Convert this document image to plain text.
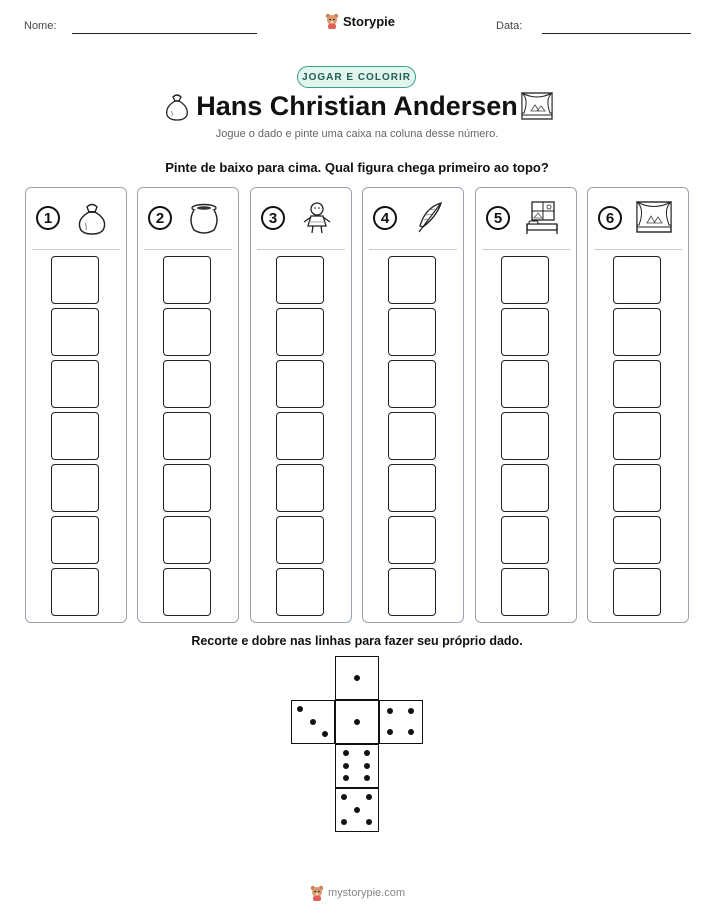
Nome:	Storypie	Data:
JOGAR E COLORIR
Hans Christian Andersen
Jogue o dado e pinte uma caixa na coluna desse número.
Pinte de baixo para cima. Qual figura chega primeiro ao topo?
1	2	3	4	5	6
Recorte e dobre nas linhas para fazer seu próprio dado.
mystorypie.com
